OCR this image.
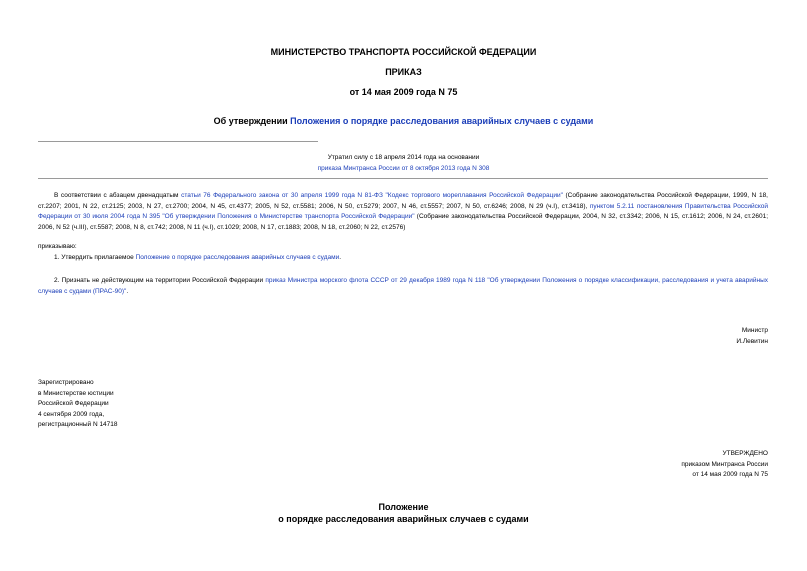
МИНИСТЕРСТВО ТРАНСПОРТА РОССИЙСКОЙ ФЕДЕРАЦИИ
ПРИКАЗ
от 14 мая 2009 года N 75
Об утверждении Положения о порядке расследования аварийных случаев с судами
Утратил силу с 18 апреля 2014 года на основании
приказа Минтранса России от 8 октября 2013 года N 308
В соответствии с абзацем двенадцатым статьи 76 Федерального закона от 30 апреля 1999 года N 81-ФЗ "Кодекс торгового мореплавания Российской Федерации" (Собрание законодательства Российской Федерации, 1999, N 18, ст.2207; 2001, N 22, ст.2125; 2003, N 27, ст.2700; 2004, N 45, ст.4377; 2005, N 52, ст.5581; 2006, N 50, ст.5279; 2007, N 46, ст.5557; 2007, N 50, ст.6246; 2008, N 29 (ч.I), ст.3418), пунктом 5.2.11 постановления Правительства Российской Федерации от 30 июля 2004 года N 395 "Об утверждении Положения о Министерстве транспорта Российской Федерации" (Собрание законодательства Российской Федерации, 2004, N 32, ст.3342; 2006, N 15, ст.1612; 2006, N 24, ст.2601; 2006, N 52 (ч.III), ст.5587; 2008, N 8, ст.742; 2008, N 11 (ч.I), ст.1029; 2008, N 17, ст.1883; 2008, N 18, ст.2060; N 22, ст.2576)
приказываю:
1. Утвердить прилагаемое Положение о порядке расследования аварийных случаев с судами.
2. Признать не действующим на территории Российской Федерации приказ Министра морского флота СССР от 29 декабря 1989 года N 118 "Об утверждении Положения о порядке классификации, расследования и учета аварийных случаев с судами (ПРАС-90)".
Министр
И.Левитин
Зарегистрировано
в Министерстве юстиции
Российской Федерации
4 сентября 2009 года,
регистрационный N 14718
УТВЕРЖДЕНО
приказом Минтранса России
от 14 мая 2009 года N 75
Положение
о порядке расследования аварийных случаев с судами
